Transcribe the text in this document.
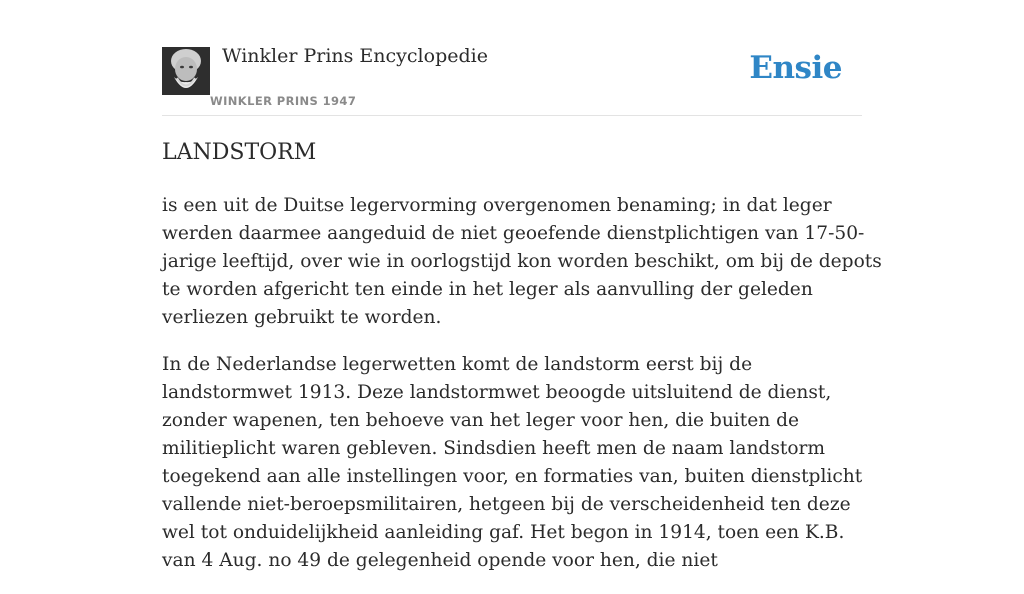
Winkler Prins Encyclopedie
WINKLER PRINS 1947
Ensie
LANDSTORM

is een uit de Duitse legervorming overgenomen benaming; in dat leger werden daarmee aangeduid de niet geoefende dienstplichtigen van 17-50-jarige leeftijd, over wie in oorlogstijd kon worden beschikt, om bij de depots te worden afgericht ten einde in het leger als aanvulling der geleden verliezen gebruikt te worden.

In de Nederlandse legerwetten komt de landstorm eerst bij de landstormwet 1913. Deze landstormwet beoogde uitsluitend de dienst, zonder wapenen, ten behoeve van het leger voor hen, die buiten de militieplicht waren gebleven. Sindsdien heeft men de naam landstorm toegekend aan alle instellingen voor, en formaties van, buiten dienstplicht vallende niet-beroepsmilitairen, hetgeen bij de verscheidenheid ten deze wel tot onduidelijkheid aanleiding gaf. Het begon in 1914, toen een K.B. van 4 Aug. no 49 de gelegenheid opende voor hen, die niet
